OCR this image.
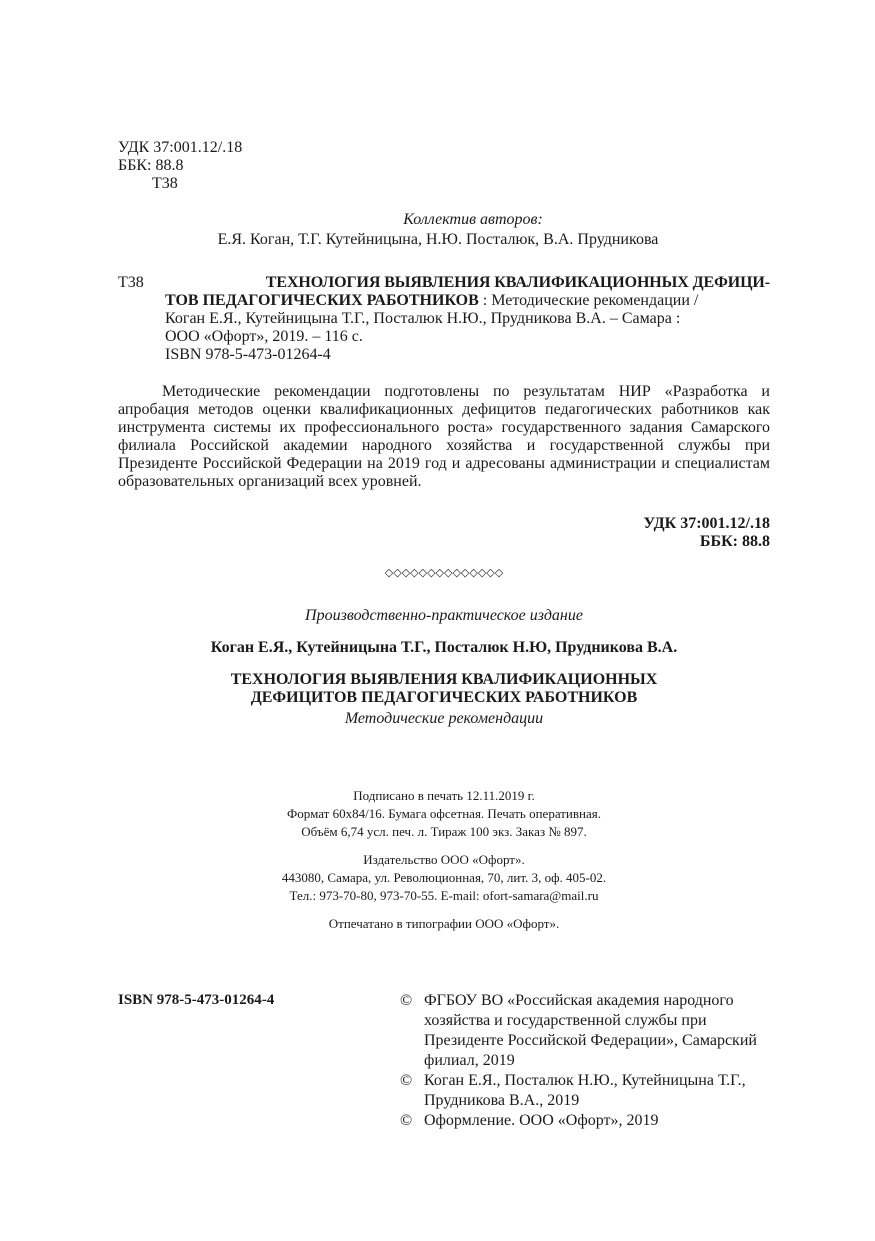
УДК 37:001.12/.18
ББК: 88.8
Т38
Коллектив авторов:
Е.Я. Коган, Т.Г. Кутейницына, Н.Ю. Посталюк, В.А. Прудникова
Т38	ТЕХНОЛОГИЯ ВЫЯВЛЕНИЯ КВАЛИФИКАЦИОННЫХ ДЕФИЦИ-
ТОВ ПЕДАГОГИЧЕСКИХ РАБОТНИКОВ : Методические рекомендации /
Коган Е.Я., Кутейницына Т.Г., Посталюк Н.Ю., Прудникова В.А. – Самара :
ООО «Офорт», 2019. – 116 с.
ISBN 978-5-473-01264-4
Методические рекомендации подготовлены по результатам НИР «Разработка и апробация методов оценки квалификационных дефицитов педагогических работников как инструмента системы их профессионального роста» государственного задания Самарского филиала Российской академии народного хозяйства и государственной службы при Президенте Российской Федерации на 2019 год и адресованы администрации и специалистам образовательных организаций всех уровней.
УДК 37:001.12/.18
ББК: 88.8
◇◇◇◇◇◇◇◇◇◇◇◇◇◇
Производственно-практическое издание
Коган Е.Я., Кутейницына Т.Г., Посталюк Н.Ю, Прудникова В.А.
ТЕХНОЛОГИЯ ВЫЯВЛЕНИЯ КВАЛИФИКАЦИОННЫХ
ДЕФИЦИТОВ ПЕДАГОГИЧЕСКИХ РАБОТНИКОВ
Методические рекомендации
Подписано в печать 12.11.2019 г.
Формат 60x84/16. Бумага офсетная. Печать оперативная.
Объём 6,74 усл. печ. л. Тираж 100 экз. Заказ № 897.
Издательство ООО «Офорт».
443080, Самара, ул. Революционная, 70, лит. 3, оф. 405-02.
Тел.: 973-70-80, 973-70-55. E-mail: ofort-samara@mail.ru
Отпечатано в типографии ООО «Офорт».
ISBN 978-5-473-01264-4	© ФГБОУ ВО «Российская академия народного хозяйства и государственной службы при Президенте Российской Федерации», Самарский филиал, 2019
© Коган Е.Я., Посталюк Н.Ю., Кутейницына Т.Г., Прудникова В.А., 2019
© Оформление. ООО «Офорт», 2019
